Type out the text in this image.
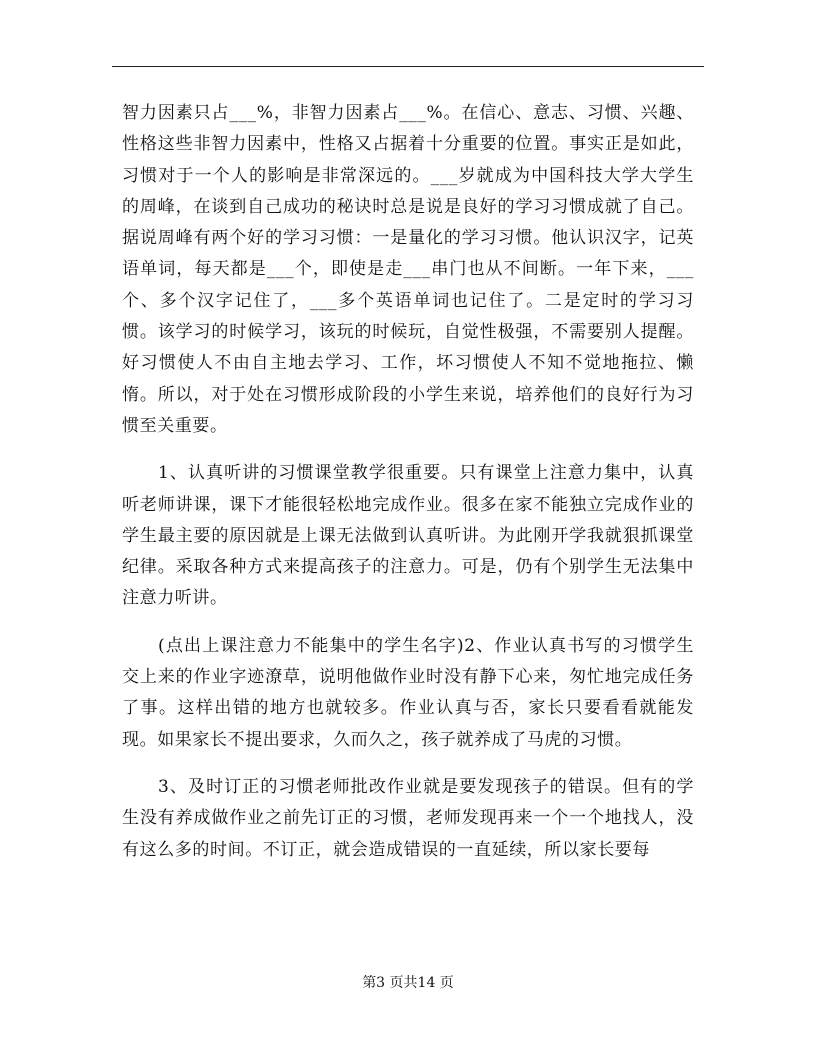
智力因素只占___%，非智力因素占___%。在信心、意志、习惯、兴趣、性格这些非智力因素中，性格又占据着十分重要的位置。事实正是如此，习惯对于一个人的影响是非常深远的。___岁就成为中国科技大学大学生的周峰，在谈到自己成功的秘诀时总是说是良好的学习习惯成就了自己。据说周峰有两个好的学习习惯：一是量化的学习习惯。他认识汉字，记英语单词，每天都是___个，即使是走___串门也从不间断。一年下来，___个、多个汉字记住了，___多个英语单词也记住了。二是定时的学习习惯。该学习的时候学习，该玩的时候玩，自觉性极强，不需要别人提醒。好习惯使人不由自主地去学习、工作，坏习惯使人不知不觉地拖拉、懒惰。所以，对于处在习惯形成阶段的小学生来说，培养他们的良好行为习惯至关重要。

1、认真听讲的习惯课堂教学很重要。只有课堂上注意力集中，认真听老师讲课，课下才能很轻松地完成作业。很多在家不能独立完成作业的学生最主要的原因就是上课无法做到认真听讲。为此刚开学我就狠抓课堂纪律。采取各种方式来提高孩子的注意力。可是，仍有个别学生无法集中注意力听讲。

(点出上课注意力不能集中的学生名字)2、作业认真书写的习惯学生交上来的作业字迹潦草，说明他做作业时没有静下心来，匆忙地完成任务了事。这样出错的地方也就较多。作业认真与否，家长只要看看就能发现。如果家长不提出要求，久而久之，孩子就养成了马虎的习惯。

3、及时订正的习惯老师批改作业就是要发现孩子的错误。但有的学生没有养成做作业之前先订正的习惯，老师发现再来一个一个地找人，没有这么多的时间。不订正，就会造成错误的一直延续，所以家长要每

第3 页共14 页
